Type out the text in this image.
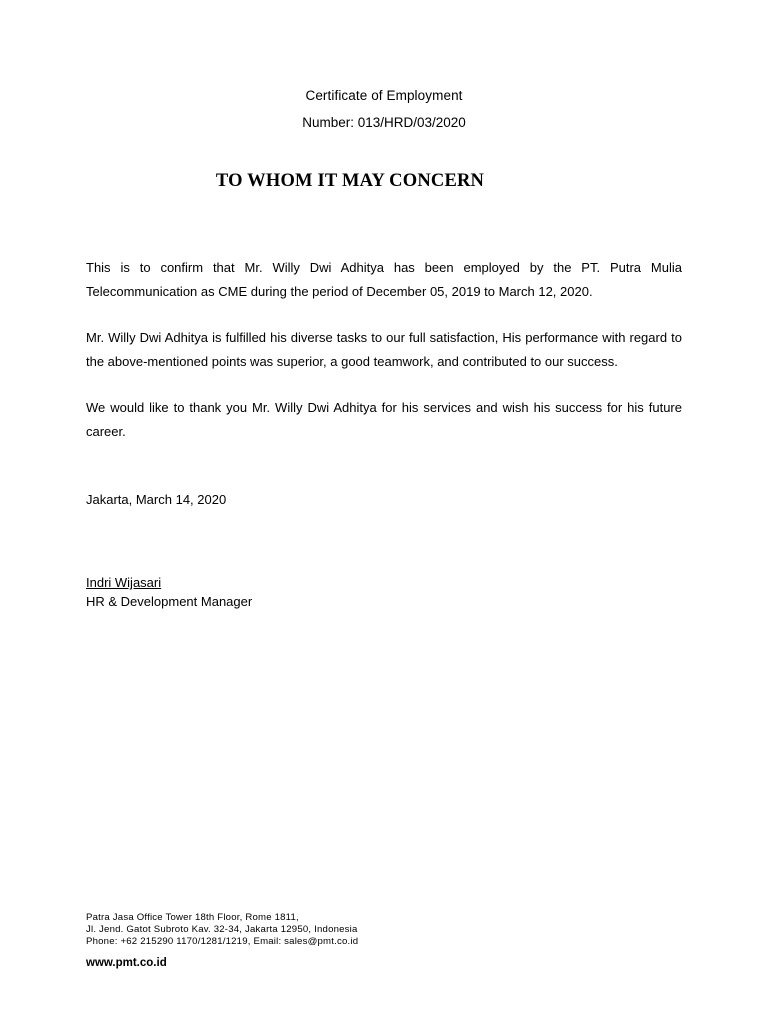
Certificate of Employment
Number: 013/HRD/03/2020
TO WHOM IT MAY CONCERN
This is to confirm that Mr. Willy Dwi Adhitya has been employed by the PT. Putra Mulia Telecommunication as CME during the period of December 05, 2019 to March 12, 2020.
Mr. Willy Dwi Adhitya is fulfilled his diverse tasks to our full satisfaction, His performance with regard to the above-mentioned points was superior, a good teamwork, and contributed to our success.
We would like to thank you Mr. Willy Dwi Adhitya for his services and wish his success for his future career.
Jakarta, March 14, 2020
Indri Wijasari
HR & Development Manager
Patra Jasa Office Tower 18th Floor, Rome 1811,
Jl. Jend. Gatot Subroto Kav. 32-34, Jakarta 12950, Indonesia
Phone: +62 215290 1170/1281/1219, Email: sales@pmt.co.id
www.pmt.co.id
